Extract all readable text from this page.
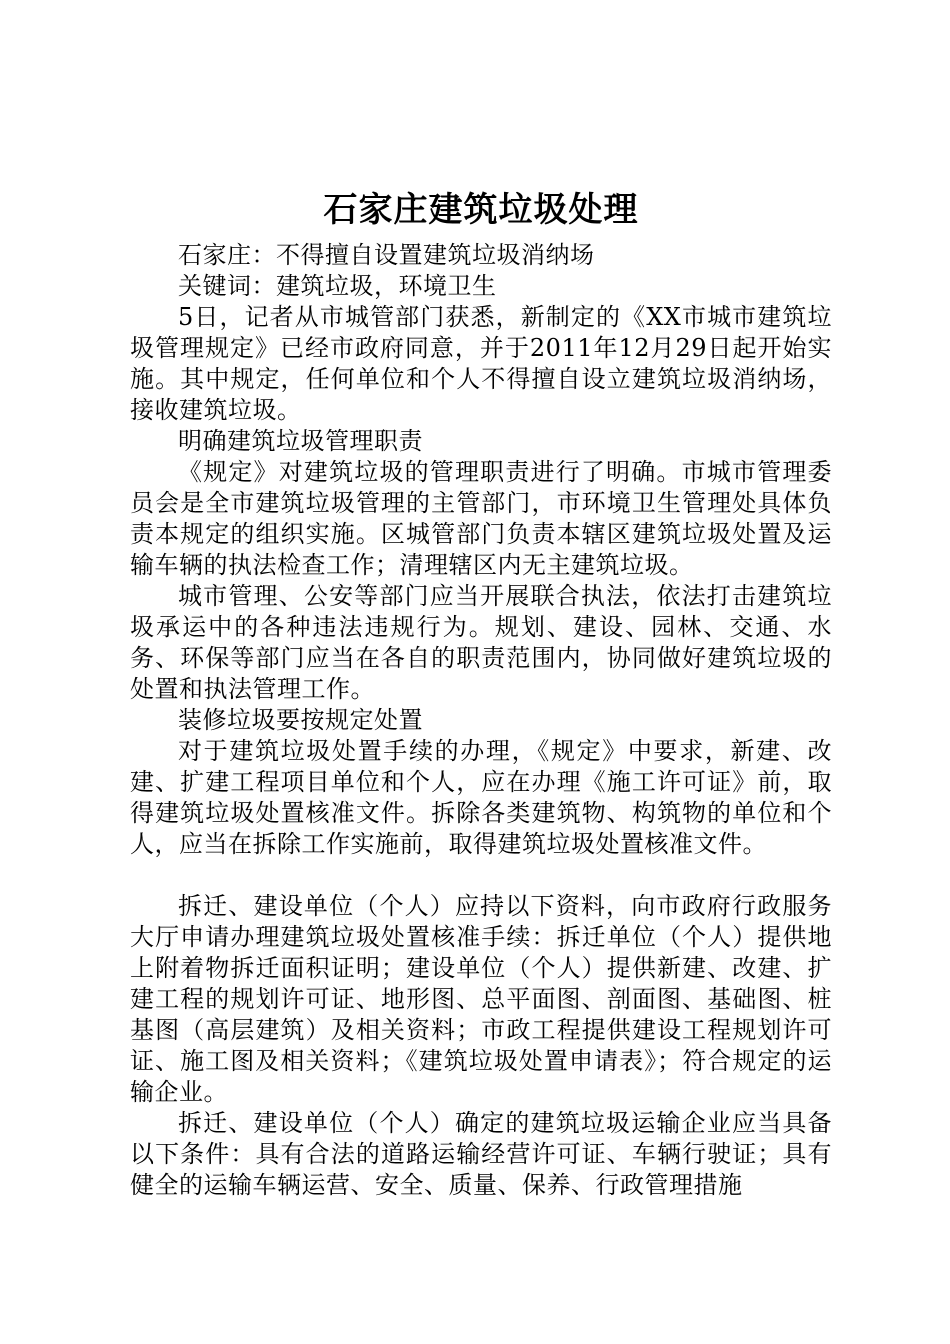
石家庄建筑垃圾处理

石家庄：不得擅自设置建筑垃圾消纳场

关键词：建筑垃圾，环境卫生

5日，记者从市城管部门获悉，新制定的《XX市城市建筑垃圾管理规定》已经市政府同意，并于2011年12月29日起开始实施。其中规定，任何单位和个人不得擅自设立建筑垃圾消纳场，接收建筑垃圾。

明确建筑垃圾管理职责

《规定》对建筑垃圾的管理职责进行了明确。市城市管理委员会是全市建筑垃圾管理的主管部门，市环境卫生管理处具体负责本规定的组织实施。区城管部门负责本辖区建筑垃圾处置及运输车辆的执法检查工作；清理辖区内无主建筑垃圾。

城市管理、公安等部门应当开展联合执法，依法打击建筑垃圾承运中的各种违法违规行为。规划、建设、园林、交通、水务、环保等部门应当在各自的职责范围内，协同做好建筑垃圾的处置和执法管理工作。

装修垃圾要按规定处置

对于建筑垃圾处置手续的办理，《规定》中要求，新建、改建、扩建工程项目单位和个人，应在办理《施工许可证》前，取得建筑垃圾处置核准文件。拆除各类建筑物、构筑物的单位和个人，应当在拆除工作实施前，取得建筑垃圾处置核准文件。

拆迁、建设单位（个人）应持以下资料，向市政府行政服务大厅申请办理建筑垃圾处置核准手续：拆迁单位（个人）提供地上附着物拆迁面积证明；建设单位（个人）提供新建、改建、扩建工程的规划许可证、地形图、总平面图、剖面图、基础图、桩基图（高层建筑）及相关资料；市政工程提供建设工程规划许可证、施工图及相关资料；《建筑垃圾处置申请表》；符合规定的运输企业。

拆迁、建设单位（个人）确定的建筑垃圾运输企业应当具备以下条件：具有合法的道路运输经营许可证、车辆行驶证；具有健全的运输车辆运营、安全、质量、保养、行政管理措施
